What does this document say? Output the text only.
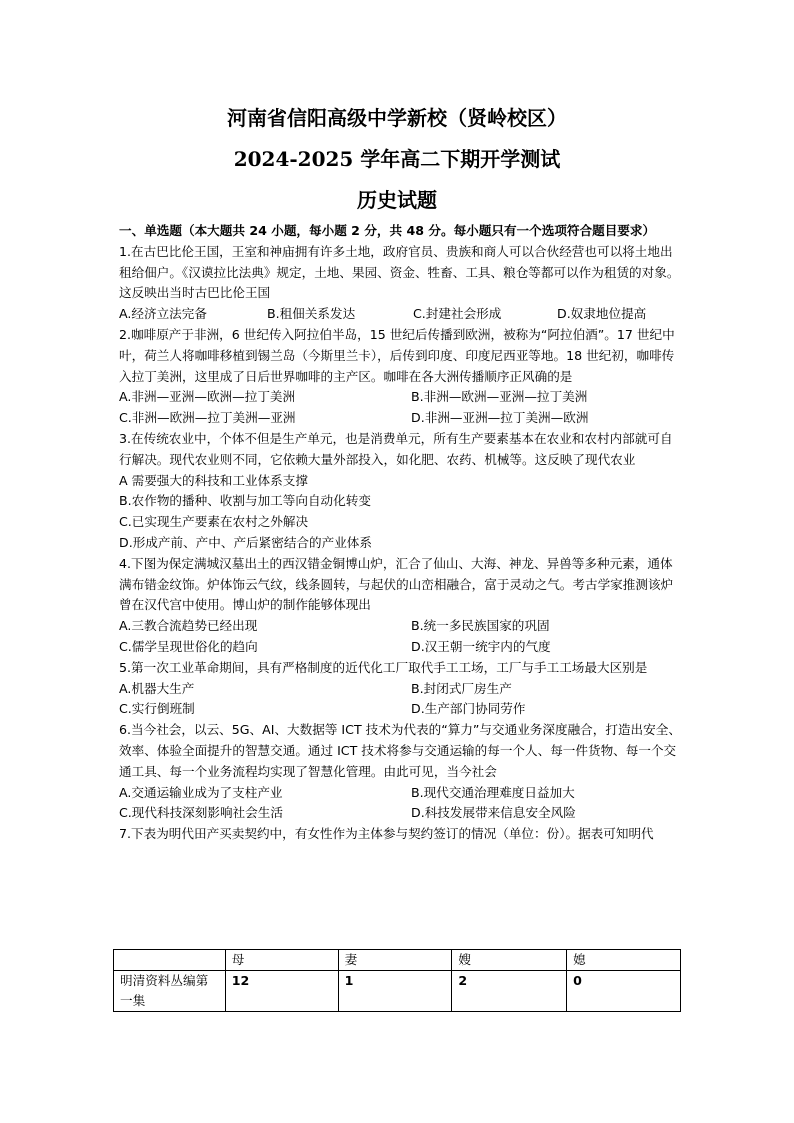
河南省信阳高级中学新校（贤岭校区）
2024-2025 学年高二下期开学测试
历史试题

一、单选题（本大题共 24 小题，每小题 2 分，共 48 分。每小题只有一个选项符合题目要求）

1.在古巴比伦王国，王室和神庙拥有许多土地，政府官员、贵族和商人可以合伙经营也可以将土地出租给佃户。《汉谟拉比法典》规定，土地、果园、资金、牲畜、工具、粮仓等都可以作为租赁的对象。这反映出当时古巴比伦王国

A.经济立法完备	B.租佃关系发达	C.封建社会形成	D.奴隶地位提高

2.咖啡原产于非洲，6 世纪传入阿拉伯半岛，15 世纪后传播到欧洲，被称为“阿拉伯酒”。17 世纪中叶，荷兰人将咖啡移植到锡兰岛（今斯里兰卡），后传到印度、印度尼西亚等地。18 世纪初，咖啡传入拉丁美洲，这里成了日后世界咖啡的主产区。咖啡在各大洲传播顺序正风确的是

A.非洲—亚洲—欧洲—拉丁美洲	B.非洲—欧洲—亚洲—拉丁美洲
C.非洲—欧洲—拉丁美洲—亚洲	D.非洲—亚洲—拉丁美洲—欧洲

3.在传统农业中，个体不但是生产单元，也是消费单元，所有生产要素基本在农业和农村内部就可自行解决。现代农业则不同，它依赖大量外部投入，如化肥、农药、机械等。这反映了现代农业

A 需要强大的科技和工业体系支撑

B.农作物的播种、收割与加工等向自动化转变

C.已实现生产要素在农村之外解决

D.形成产前、产中、产后紧密结合的产业体系

4.下图为保定满城汉墓出土的西汉错金铜博山炉，汇合了仙山、大海、神龙、异兽等多种元素，通体满布错金纹饰。炉体饰云气纹，线条圆转，与起伏的山峦相融合，富于灵动之气。考古学家推测该炉曾在汉代宫中使用。博山炉的制作能够体现出

A.三教合流趋势已经出现	B.统一多民族国家的巩固
C.儒学呈现世俗化的趋向	D.汉王朝一统宇内的气度

5.第一次工业革命期间，具有严格制度的近代化工厂取代手工工场，工厂与手工工场最大区别是

A.机器大生产	B.封闭式厂房生产
C.实行倒班制	D.生产部门协同劳作

6.当今社会，以云、5G、AI、大数据等 ICT 技术为代表的“算力”与交通业务深度融合，打造出安全、效率、体验全面提升的智慧交通。通过 ICT 技术将参与交通运输的每一个人、每一件货物、每一个交通工具、每一个业务流程均实现了智慧化管理。由此可见，当今社会

A.交通运输业成为了支柱产业	B.现代交通治理难度日益加大
C.现代科技深刻影响社会生活	D.科技发展带来信息安全风险

7.下表为明代田产买卖契约中，有女性作为主体参与契约签订的情况（单位：份）。据表可知明代

	母	妻	嫂	媳
明清资料丛编第一集	12	1	2	0
